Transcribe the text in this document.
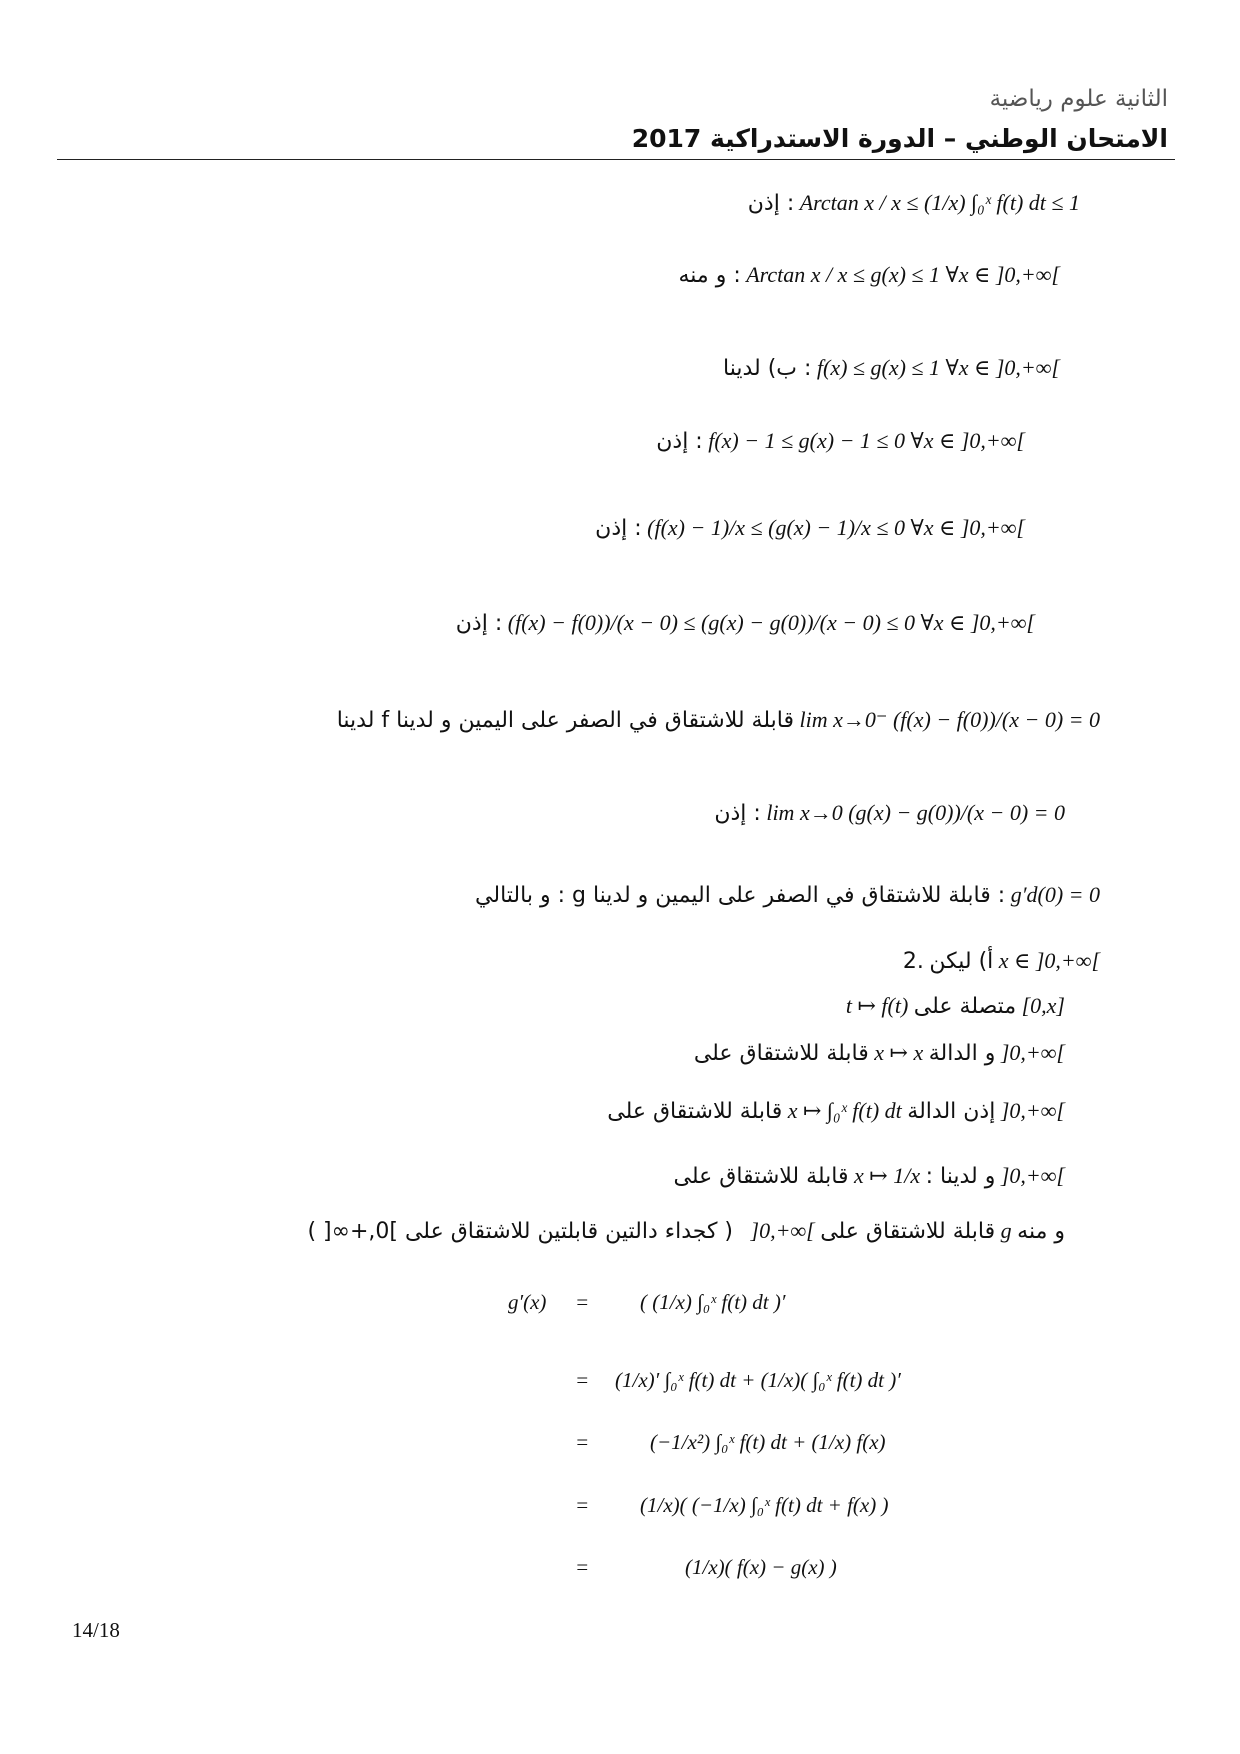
الثانية علوم رياضية
الامتحان الوطني – الدورة الاستدراكية 2017
إذن : Arctan x / x ≤ (1/x) ∫₀ˣ f(t) dt ≤ 1
و منه : Arctan x / x ≤ g(x) ≤ 1 ∀x ∈ ]0,+∞[
ب) لدينا : f(x) ≤ g(x) ≤ 1 ∀x ∈ ]0,+∞[
إذن : f(x) − 1 ≤ g(x) − 1 ≤ 0 ∀x ∈ ]0,+∞[
إذن : (f(x) − 1)/x ≤ (g(x) − 1)/x ≤ 0 ∀x ∈ ]0,+∞[
إذن : (f(x) − f(0))/(x − 0) ≤ (g(x) − g(0))/(x − 0) ≤ 0 ∀x ∈ ]0,+∞[
لدينا f قابلة للاشتقاق في الصفر على اليمين و لدينا lim x→0⁻ (f(x) − f(0))/(x − 0) = 0
إذن : lim x→0 (g(x) − g(0))/(x − 0) = 0
و بالتالي : g قابلة للاشتقاق في الصفر على اليمين و لدينا : g′d(0) = 0
2. أ) ليكن x ∈ ]0,+∞[
t ↦ f(t) متصلة على [0,x]
و الدالة x ↦ x قابلة للاشتقاق على	]0,+∞[
إذن الدالة x ↦ ∫₀ˣ f(t) dt قابلة للاشتقاق على	]0,+∞[
و لدينا : x ↦ 1/x قابلة للاشتقاق على	]0,+∞[
و منه g قابلة للاشتقاق على ]0,+∞[ ( كجداء دالتين قابلتين للاشتقاق على ]0,+∞[ )
g′(x) = ( (1/x) ∫₀ˣ f(t) dt )′
= (1/x)′ ∫₀ˣ f(t) dt + (1/x)( ∫₀ˣ f(t) dt )′
=	(−1/x²) ∫₀ˣ f(t) dt + (1/x) f(x)
= (1/x)( (−1/x) ∫₀ˣ f(t) dt + f(x) )
=	(1/x)( f(x) − g(x) )
14/18
